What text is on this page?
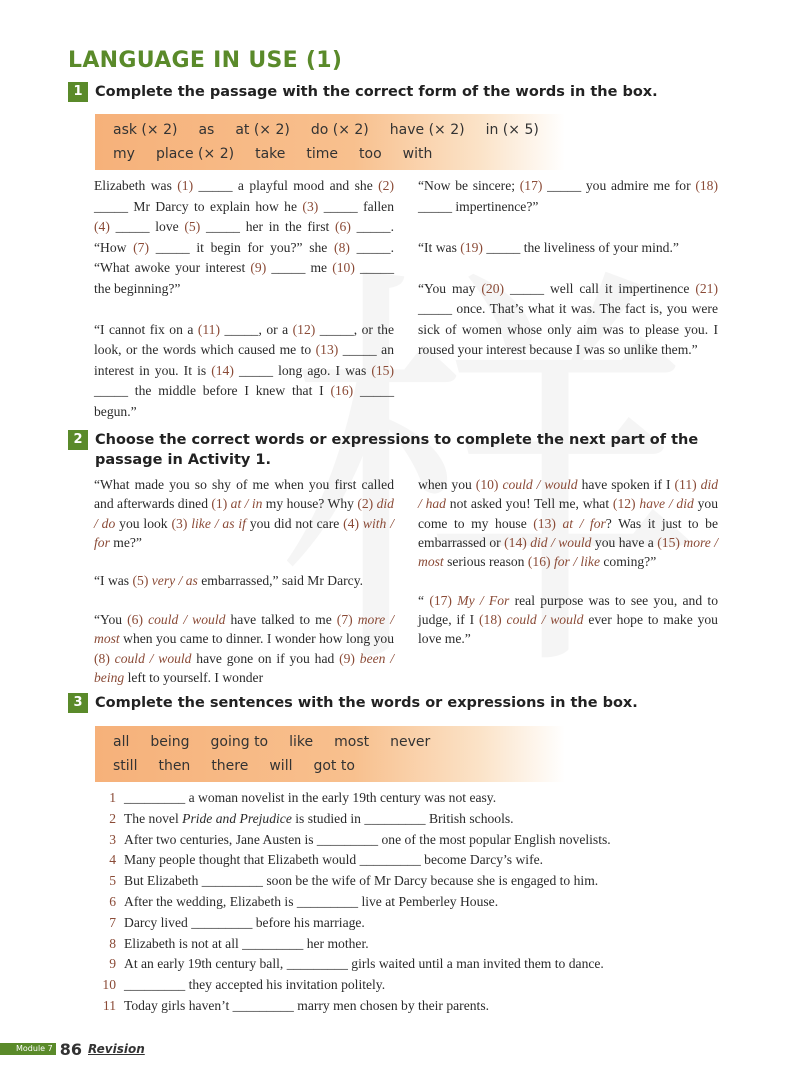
LANGUAGE IN USE (1)
1 Complete the passage with the correct form of the words in the box.
ask (× 2) as at (× 2) do (× 2) have (× 2) in (× 5)
my place (× 2) take time too with

Elizabeth was (1) _____ a playful mood and she (2) _____ Mr Darcy to explain how he (3) _____ fallen (4) _____ love (5) _____ her in the first (6) _____. “How (7) _____ it begin for you?” she (8) _____. “What awoke your interest (9) _____ me (10) _____ the beginning?”

“I cannot fix on a (11) _____, or a (12) _____, or the look, or the words which caused me to (13) _____ an interest in you. It is (14) _____ long ago. I was (15) _____ the middle before I knew that I (16) _____ begun.”

“Now be sincere; (17) _____ you admire me for (18) _____ impertinence?”

“It was (19) _____ the liveliness of your mind.”

“You may (20) _____ well call it impertinence (21) _____ once. That’s what it was. The fact is, you were sick of women whose only aim was to please you. I roused your interest because I was so unlike them.”

2 Choose the correct words or expressions to complete the next part of the passage in Activity 1.

“What made you so shy of me when you first called and afterwards dined (1) at / in my house? Why (2) did / do you look (3) like / as if you did not care (4) with / for me?”

“I was (5) very / as embarrassed,” said Mr Darcy.

“You (6) could / would have talked to me (7) more / most when you came to dinner. I wonder how long you (8) could / would have gone on if you had (9) been / being left to yourself. I wonder

when you (10) could / would have spoken if I (11) did / had not asked you! Tell me, what (12) have / did you come to my house (13) at / for? Was it just to be embarrassed or (14) did / would you have a (15) more / most serious reason (16) for / like coming?”

“ (17) My / For real purpose was to see you, and to judge, if I (18) could / would ever hope to make you love me.”

3 Complete the sentences with the words or expressions in the box.
all being going to like most never
still then there will got to
1 _________ a woman novelist in the early 19th century was not easy.
2 The novel Pride and Prejudice is studied in _________ British schools.
3 After two centuries, Jane Austen is _________ one of the most popular English novelists.
4 Many people thought that Elizabeth would _________ become Darcy’s wife.
5 But Elizabeth _________ soon be the wife of Mr Darcy because she is engaged to him.
6 After the wedding, Elizabeth is _________ live at Pemberley House.
7 Darcy lived _________ before his marriage.
8 Elizabeth is not at all _________ her mother.
9 At an early 19th century ball, _________ girls waited until a man invited them to dance.
10 _________ they accepted his invitation politely.
11 Today girls haven’t _________ marry men chosen by their parents.
Module 7 86 Revision
